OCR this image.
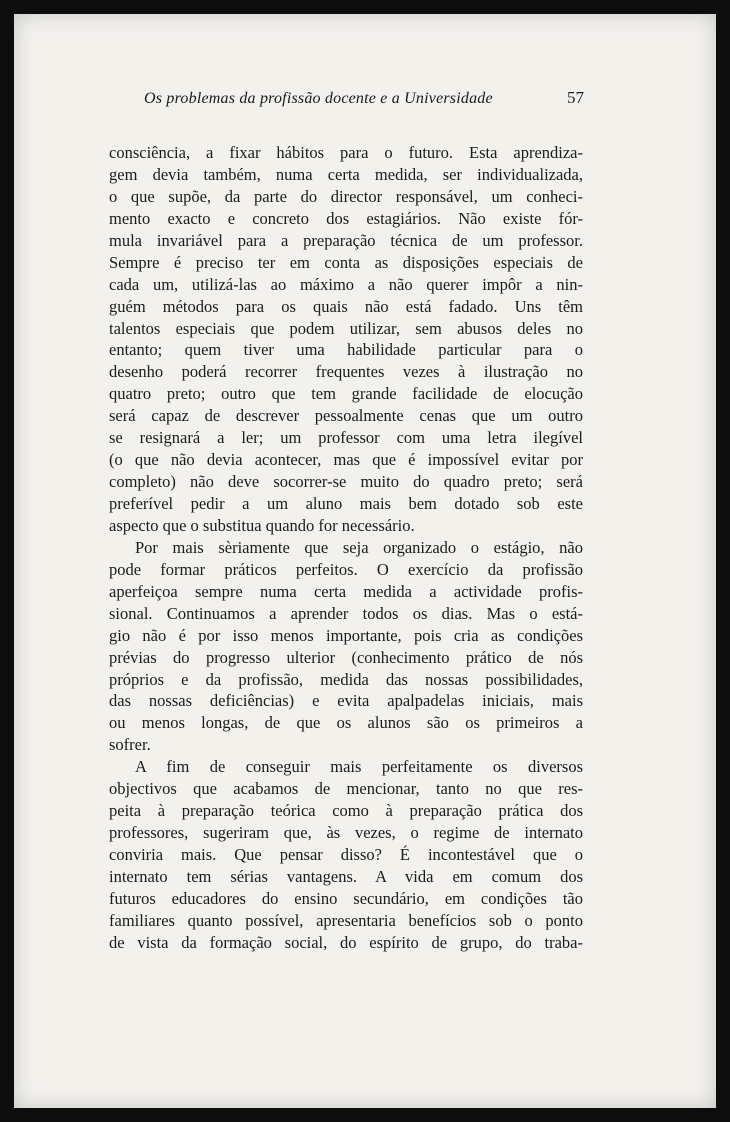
Os problemas da profissão docente e a Universidade	57
consciência, a fixar hábitos para o futuro. Esta aprendiza-
gem devia também, numa certa medida, ser individualizada,
o que supõe, da parte do director responsável, um conheci-
mento exacto e concreto dos estagiários. Não existe fór-
mula invariável para a preparação técnica de um professor.
Sempre é preciso ter em conta as disposições especiais de
cada um, utilizá-las ao máximo a não querer impôr a nin-
guém métodos para os quais não está fadado. Uns têm
talentos especiais que podem utilizar, sem abusos deles no
entanto; quem tiver uma habilidade particular para o
desenho poderá recorrer frequentes vezes à ilustração no
quatro preto; outro que tem grande facilidade de elocução
será capaz de descrever pessoalmente cenas que um outro
se resignará a ler; um professor com uma letra ilegível
(o que não devia acontecer, mas que é impossível evitar por
completo) não deve socorrer-se muito do quadro preto; será
preferível pedir a um aluno mais bem dotado sob este
aspecto que o substitua quando for necessário.
Por mais sèriamente que seja organizado o estágio, não
pode formar práticos perfeitos. O exercício da profissão
aperfeiçoa sempre numa certa medida a actividade profis-
sional. Continuamos a aprender todos os dias. Mas o está-
gio não é por isso menos importante, pois cria as condições
prévias do progresso ulterior (conhecimento prático de nós
próprios e da profissão, medida das nossas possibilidades,
das nossas deficiências) e evita apalpadelas iniciais, mais
ou menos longas, de que os alunos são os primeiros a
sofrer.
A fim de conseguir mais perfeitamente os diversos
objectivos que acabamos de mencionar, tanto no que res-
peita à preparação teórica como à preparação prática dos
professores, sugeriram que, às vezes, o regime de internato
conviria mais. Que pensar disso? É incontestável que o
internato tem sérias vantagens. A vida em comum dos
futuros educadores do ensino secundário, em condições tão
familiares quanto possível, apresentaria benefícios sob o ponto
de vista da formação social, do espírito de grupo, do traba-
